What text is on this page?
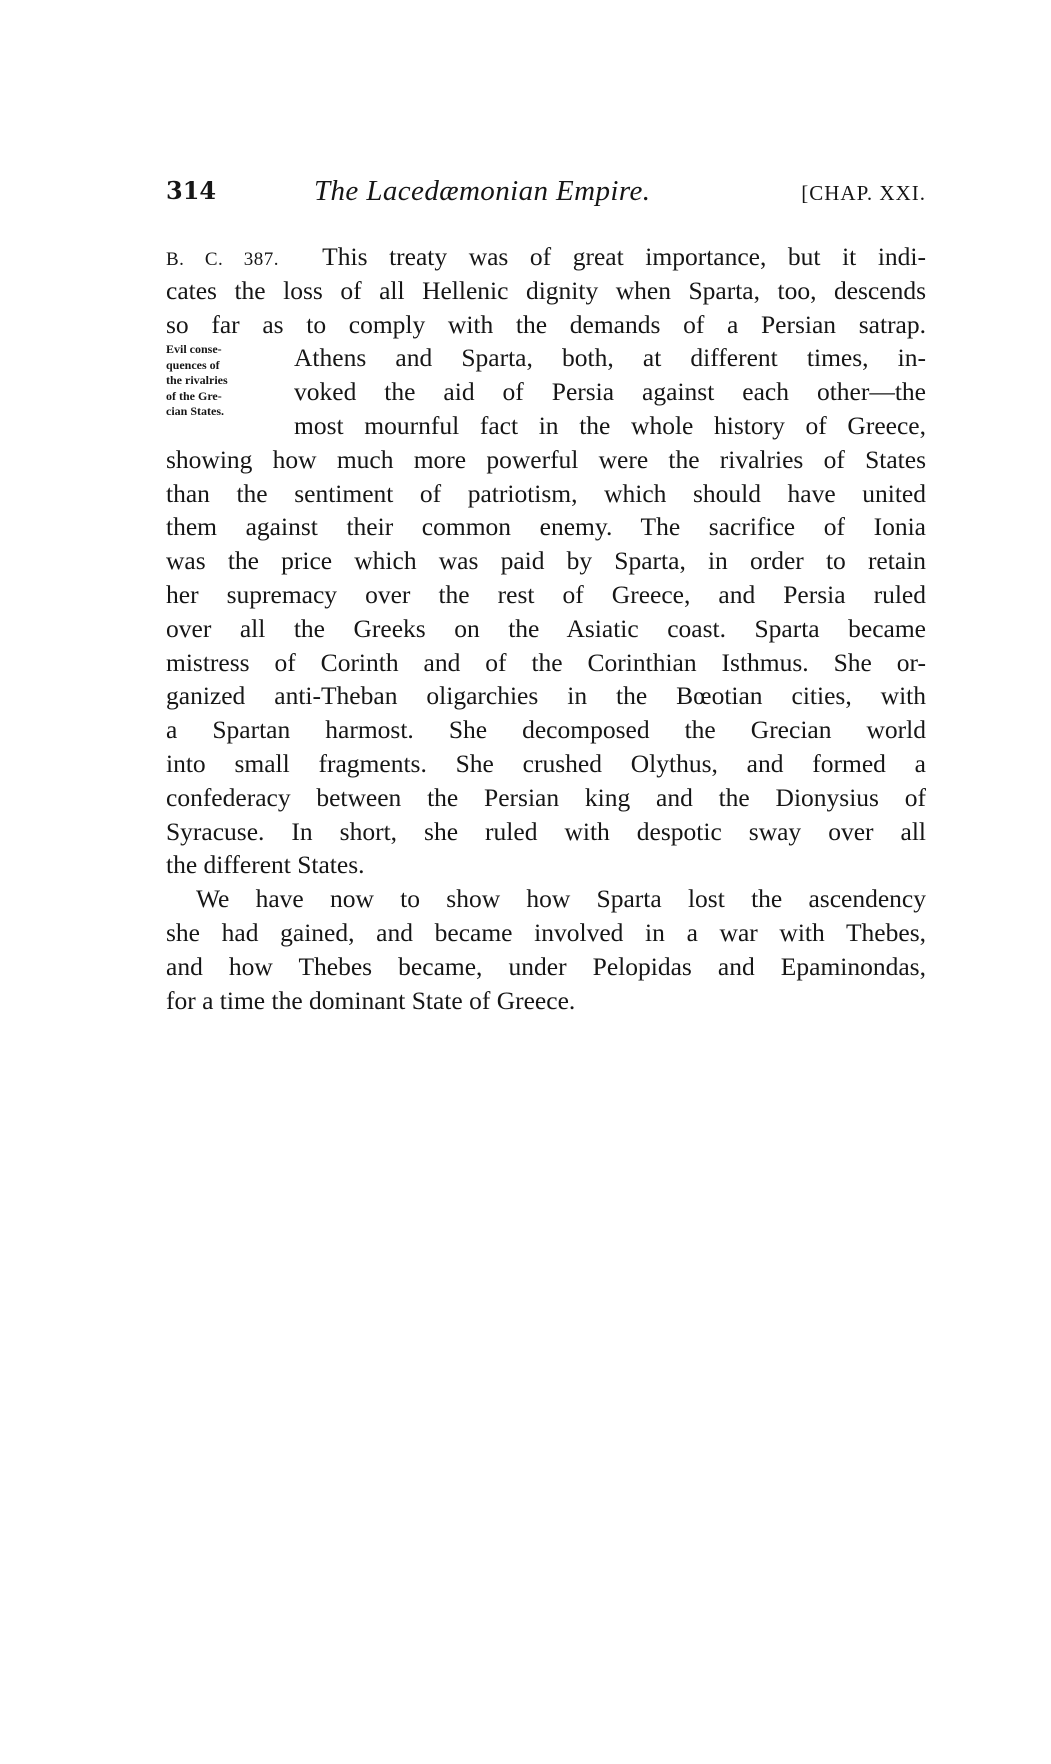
314	The Lacedæmonian Empire.	[CHAP. XXI.
Evil conse-
quences of
the rivalries
of the Gre-
cian States.
B. C. 387. This treaty was of great importance, but it indi-
cates the loss of all Hellenic dignity when Sparta, too, descends
so far as to comply with the demands of a Persian satrap.
Athens and Sparta, both, at different times, in-
voked the aid of Persia against each other—the
most mournful fact in the whole history of Greece,
showing how much more powerful were the rivalries of States
than the sentiment of patriotism, which should have united
them against their common enemy. The sacrifice of Ionia
was the price which was paid by Sparta, in order to retain
her supremacy over the rest of Greece, and Persia ruled
over all the Greeks on the Asiatic coast. Sparta became
mistress of Corinth and of the Corinthian Isthmus. She or-
ganized anti-Theban oligarchies in the Bœotian cities, with
a Spartan harmost. She decomposed the Grecian world
into small fragments. She crushed Olythus, and formed a
confederacy between the Persian king and the Dionysius of
Syracuse. In short, she ruled with despotic sway over all
the different States.
We have now to show how Sparta lost the ascendency
she had gained, and became involved in a war with Thebes,
and how Thebes became, under Pelopidas and Epaminondas,
for a time the dominant State of Greece.
